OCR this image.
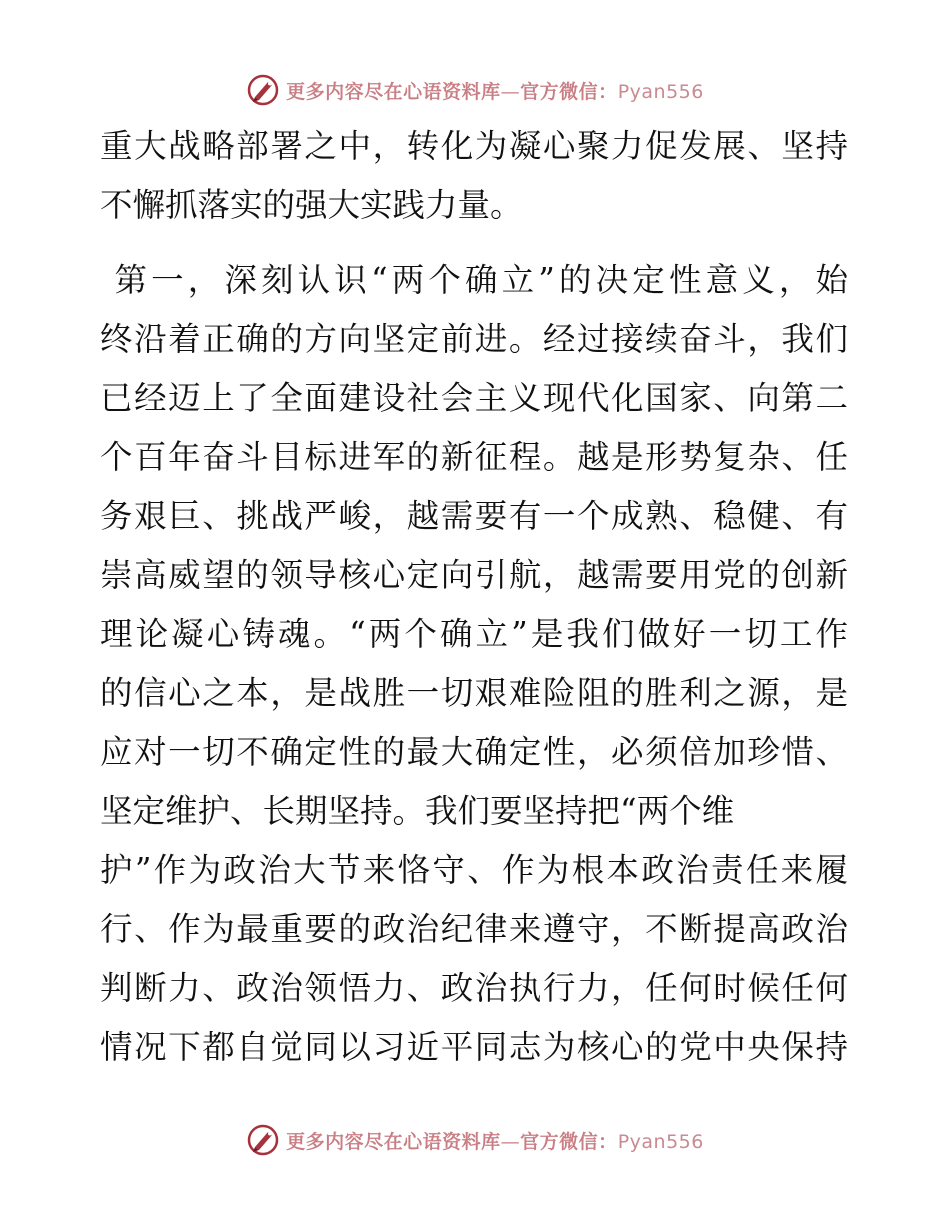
更多内容尽在心语资料库—官方微信：Pyan556
重大战略部署之中，转化为凝心聚力促发展、坚持
不懈抓落实的强大实践力量。
第一，深刻认识“两个确立”的决定性意义，始
终沿着正确的方向坚定前进。经过接续奋斗，我们
已经迈上了全面建设社会主义现代化国家、向第二
个百年奋斗目标进军的新征程。越是形势复杂、任
务艰巨、挑战严峻，越需要有一个成熟、稳健、有
崇高威望的领导核心定向引航，越需要用党的创新
理论凝心铸魂。“两个确立”是我们做好一切工作
的信心之本，是战胜一切艰难险阻的胜利之源，是
应对一切不确定性的最大确定性，必须倍加珍惜、
坚定维护、长期坚持。我们要坚持把“两个维
护”作为政治大节来恪守、作为根本政治责任来履
行、作为最重要的政治纪律来遵守，不断提高政治
判断力、政治领悟力、政治执行力，任何时候任何
情况下都自觉同以习近平同志为核心的党中央保持
更多内容尽在心语资料库—官方微信：Pyan556
